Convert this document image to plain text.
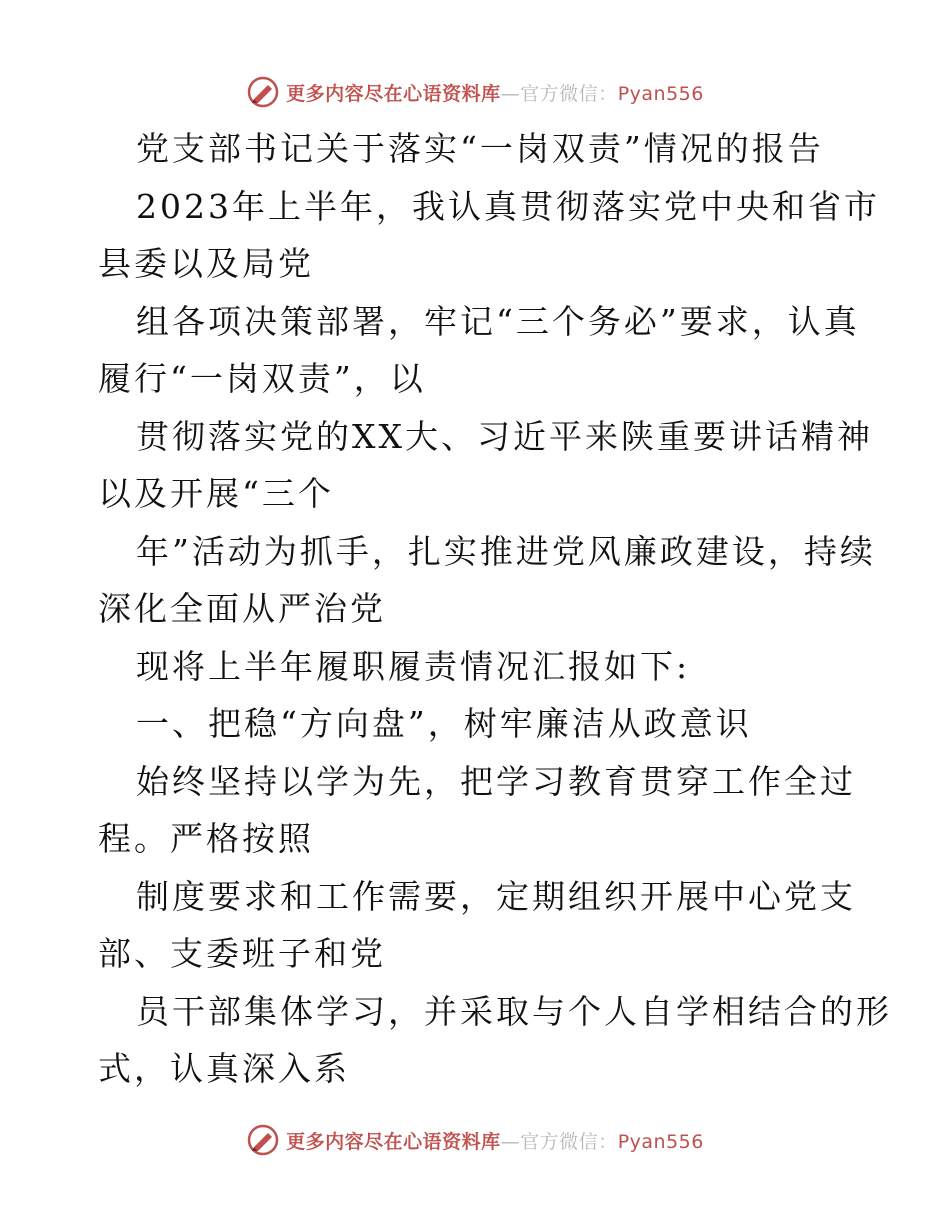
更多内容尽在心语资料库—官方微信：Pyan556
党支部书记关于落实“一岗双责”情况的报告
2023年上半年，我认真贯彻落实党中央和省市
县委以及局党
组各项决策部署，牢记“三个务必”要求，认真
履行“一岗双责”，以
贯彻落实党的XX大、习近平来陕重要讲话精神
以及开展“三个
年”活动为抓手，扎实推进党风廉政建设，持续
深化全面从严治党
现将上半年履职履责情况汇报如下:
一、把稳“方向盘”，树牢廉洁从政意识
始终坚持以学为先，把学习教育贯穿工作全过
程。严格按照
制度要求和工作需要，定期组织开展中心党支
部、支委班子和党
员干部集体学习，并采取与个人自学相结合的形
式，认真深入系
更多内容尽在心语资料库—官方微信：Pyan556
